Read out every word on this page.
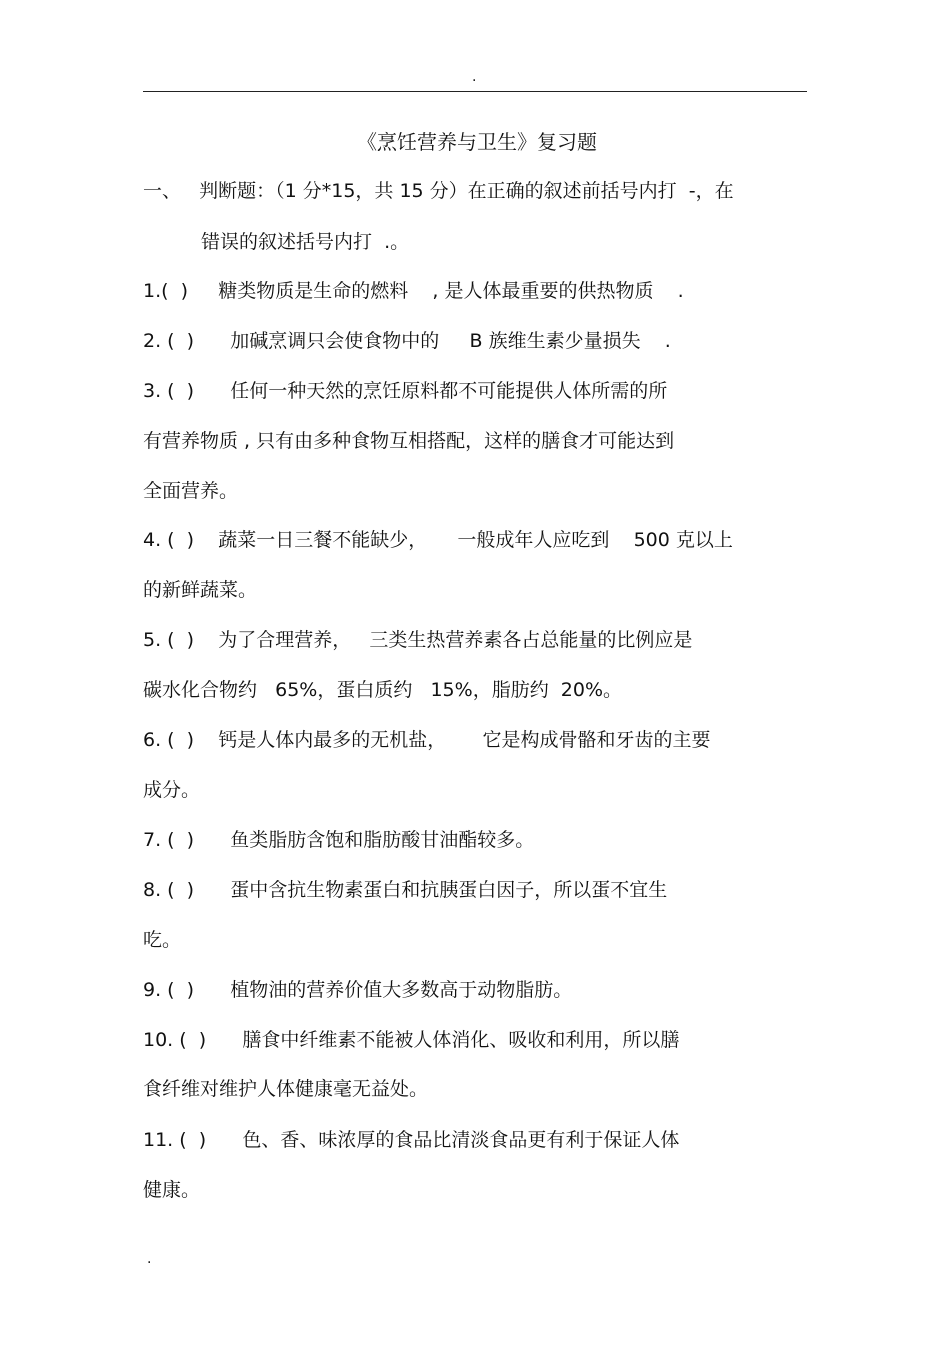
.
《烹饪营养与卫生》复习题
一、   判断题：（1 分*15，共 15 分）在正确的叙述前括号内打  -，在
错误的叙述括号内打  .。
1.(  )     糖类物质是生命的燃料    , 是人体最重要的供热物质    .
2. (  )      加碱烹调只会使食物中的     B 族维生素少量损失    .
3. (  )      任何一种天然的烹饪原料都不可能提供人体所需的所
有营养物质 , 只有由多种食物互相搭配，这样的膳食才可能达到
全面营养。
4. (  )    蔬菜一日三餐不能缺少，     一般成年人应吃到    500 克以上
的新鲜蔬菜。
5. (  )    为了合理营养，   三类生热营养素各占总能量的比例应是
碳水化合物约   65%，蛋白质约   15%，脂肪约  20%。
6. (  )    钙是人体内最多的无机盐，      它是构成骨骼和牙齿的主要
成分。
7. (  )      鱼类脂肪含饱和脂肪酸甘油酯较多。
8. (  )      蛋中含抗生物素蛋白和抗胰蛋白因子，所以蛋不宜生
吃。
9. (  )      植物油的营养价值大多数高于动物脂肪。
10. (  )      膳食中纤维素不能被人体消化、吸收和利用，所以膳
食纤维对维护人体健康毫无益处。
11. (  )      色、香、味浓厚的食品比清淡食品更有利于保证人体
健康。
.
